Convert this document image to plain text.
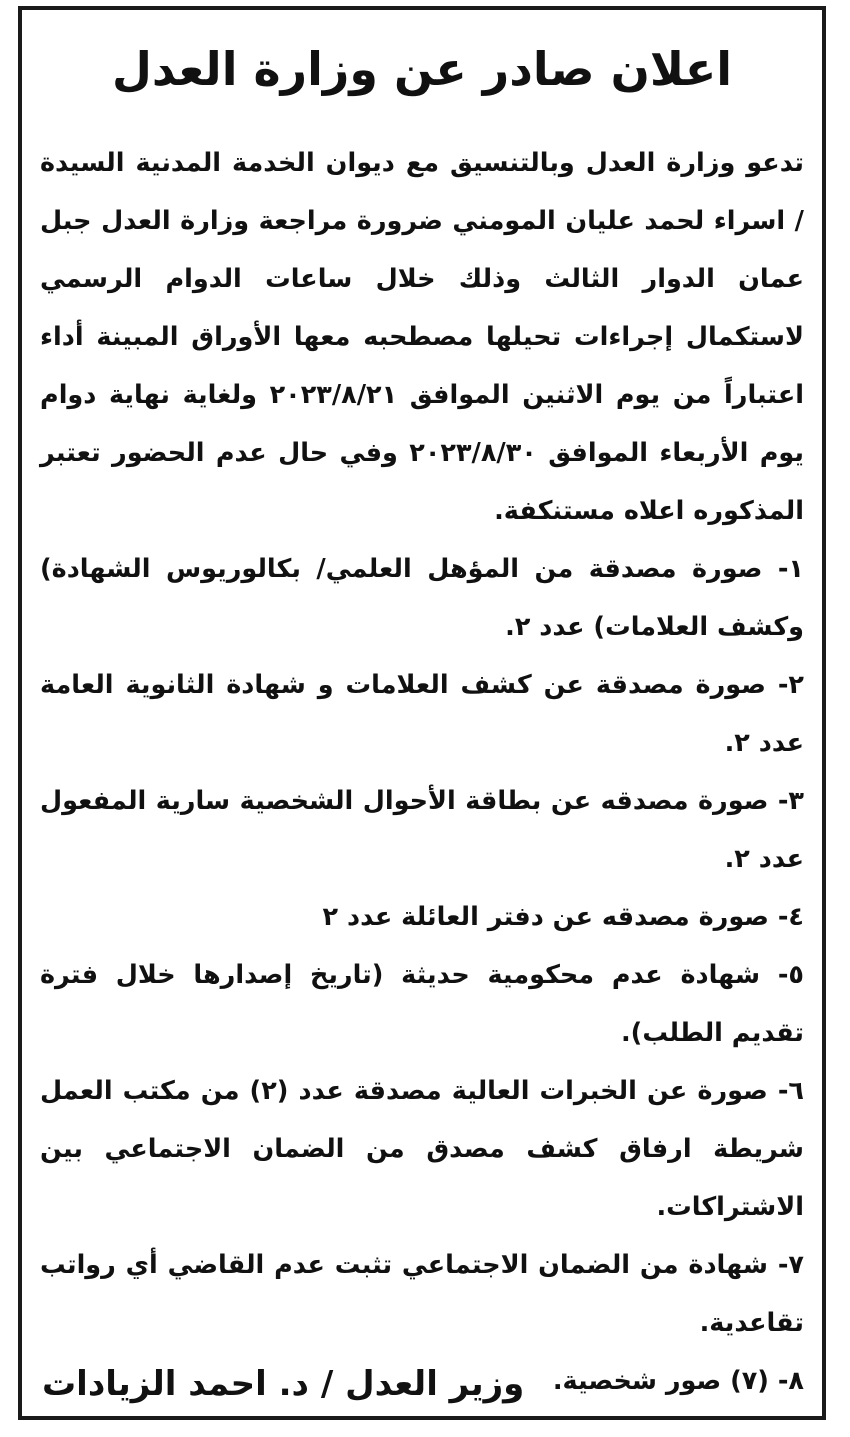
اعلان صادر عن وزارة العدل

تدعو وزارة العدل وبالتنسيق مع ديوان الخدمة المدنية السيدة / اسراء لحمد عليان المومني ضرورة مراجعة وزارة العدل جبل عمان الدوار الثالث وذلك خلال ساعات الدوام الرسمي لاستكمال إجراءات تحيلها مصطحبه معها الأوراق المبينة أداء اعتباراً من يوم الاثنين الموافق ٢٠٢٣/٨/٢١ ولغاية نهاية دوام يوم الأربعاء الموافق ٢٠٢٣/٨/٣٠ وفي حال عدم الحضور تعتبر المذكوره اعلاه مستنكفة.

١- صورة مصدقة من المؤهل العلمي/ بكالوريوس الشهادة) وكشف العلامات) عدد ٢.
٢- صورة مصدقة عن كشف العلامات و شهادة الثانوية العامة عدد ٢.
٣- صورة مصدقه عن بطاقة الأحوال الشخصية سارية المفعول عدد ٢.
٤- صورة مصدقه عن دفتر العائلة عدد ٢
٥- شهادة عدم محكومية حديثة (تاريخ إصدارها خلال فترة تقديم الطلب).
٦- صورة عن الخبرات العالية مصدقة عدد (٢) من مكتب العمل شريطة ارفاق كشف مصدق من الضمان الاجتماعي بين الاشتراكات.
٧- شهادة من الضمان الاجتماعي تثبت عدم القاضي أي رواتب تقاعدية.
٨- (٧) صور شخصية.
وزير العدل / د. احمد الزيادات
